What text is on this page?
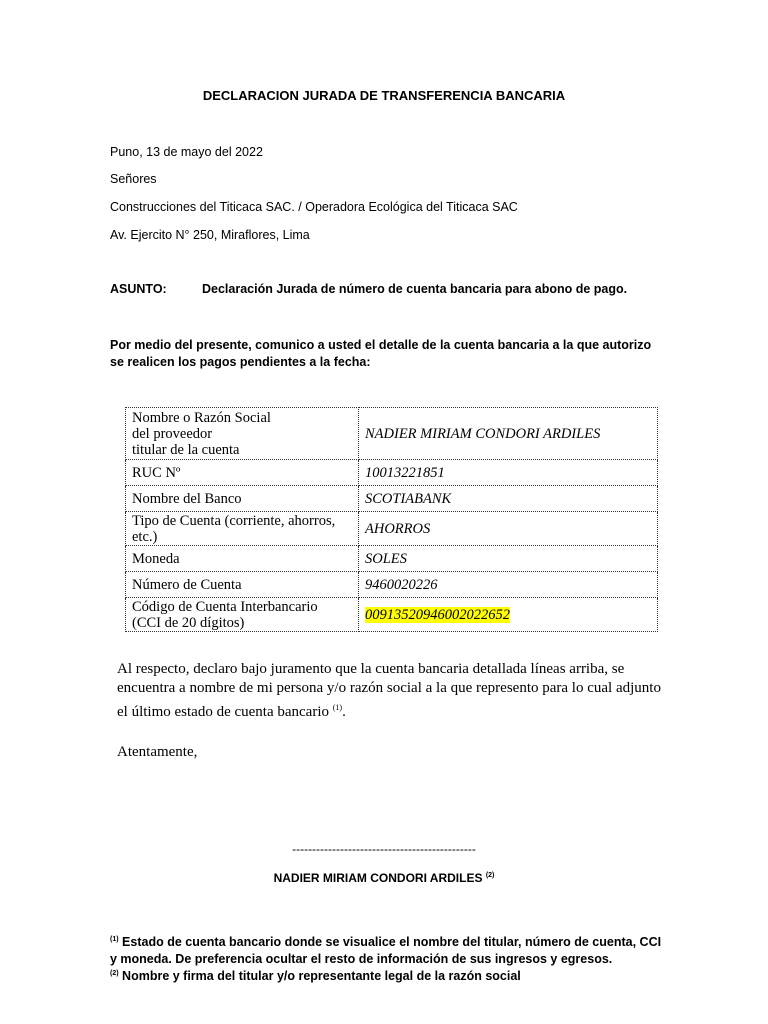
DECLARACION JURADA DE TRANSFERENCIA BANCARIA
Puno, 13 de mayo del 2022
Señores
Construcciones del Titicaca SAC. / Operadora Ecológica del Titicaca SAC
Av. Ejercito N° 250, Miraflores, Lima
ASUNTO:	Declaración Jurada de número de cuenta bancaria para abono de pago.
Por medio del presente, comunico a usted el detalle de la cuenta bancaria a la que autorizo se realicen los pagos pendientes a la fecha:
Nombre o Razón Social
del proveedor
titular de la cuenta	NADIER MIRIAM CONDORI ARDILES

RUC Nº	10013221851

Nombre del Banco	SCOTIABANK

Tipo de Cuenta (corriente, ahorros,
etc.)	AHORROS

Moneda	SOLES

Número de Cuenta	9460020226

Código de Cuenta Interbancario
(CCI de 20 dígitos)	00913520946002022652
Al respecto, declaro bajo juramento que la cuenta bancaria detallada líneas arriba, se encuentra a nombre de mi persona y/o razón social a la que represento para lo cual adjunto el último estado de cuenta bancario $^{(1)}$.
Atentamente,
----------------------------------------------
NADIER MIRIAM CONDORI ARDILES $^{(2)}$
$^{(1)}$ Estado de cuenta bancario donde se visualice el nombre del titular, número de cuenta, CCI y moneda. De preferencia ocultar el resto de información de sus ingresos y egresos.
$^{(2)}$ Nombre y firma del titular y/o representante legal de la razón social
